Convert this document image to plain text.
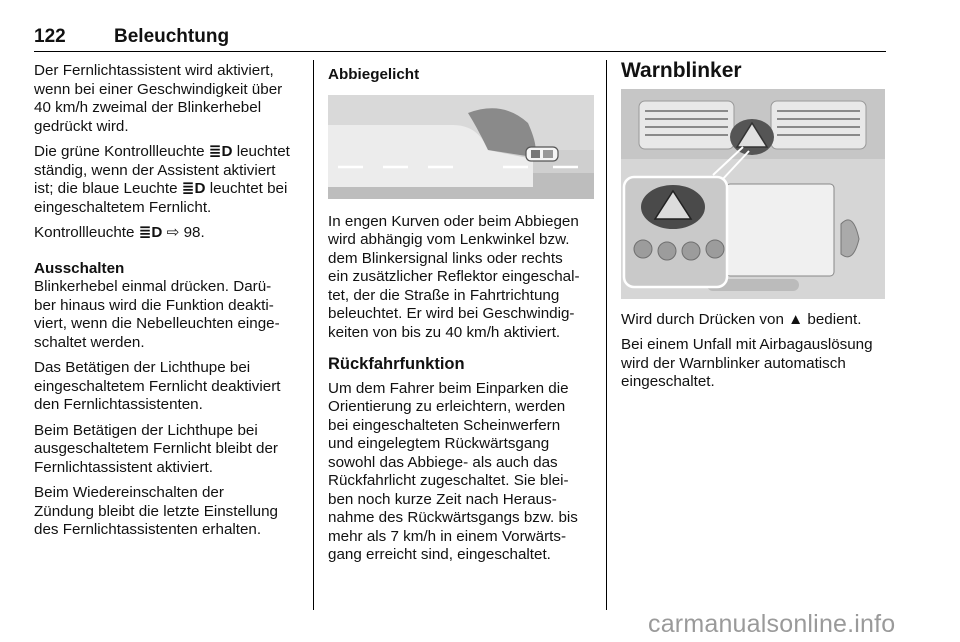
122	Beleuchtung

Der Fernlichtassistent wird aktiviert,
wenn bei einer Geschwindigkeit über
40 km/h zweimal der Blinkerhebel
gedrückt wird.

Die grüne Kontrollleuchte ≣D leuchtet
ständig, wenn der Assistent aktiviert
ist; die blaue Leuchte ≣D leuchtet bei
eingeschaltetem Fernlicht.

Kontrollleuchte ≣D ⇨ 98.

Ausschalten

Blinkerhebel einmal drücken. Darü-
ber hinaus wird die Funktion deakti-
viert, wenn die Nebelleuchten einge-
schaltet werden.

Das Betätigen der Lichthupe bei
eingeschaltetem Fernlicht deaktiviert
den Fernlichtassistenten.

Beim Betätigen der Lichthupe bei
ausgeschaltetem Fernlicht bleibt der
Fernlichtassistent aktiviert.

Beim Wiedereinschalten der
Zündung bleibt die letzte Einstellung
des Fernlichtassistenten erhalten.

Abbiegelicht

In engen Kurven oder beim Abbiegen
wird abhängig vom Lenkwinkel bzw.
dem Blinkersignal links oder rechts
ein zusätzlicher Reflektor eingeschal-
tet, der die Straße in Fahrtrichtung
beleuchtet. Er wird bei Geschwindig-
keiten von bis zu 40 km/h aktiviert.

Rückfahrfunktion

Um dem Fahrer beim Einparken die
Orientierung zu erleichtern, werden
bei eingeschalteten Scheinwerfern
und eingelegtem Rückwärtsgang
sowohl das Abbiege- als auch das
Rückfahrlicht zugeschaltet. Sie blei-
ben noch kurze Zeit nach Heraus-
nahme des Rückwärtsgangs bzw. bis
mehr als 7 km/h in einem Vorwärts-
gang erreicht sind, eingeschaltet.

Warnblinker

Wird durch Drücken von ▲ bedient.

Bei einem Unfall mit Airbagauslösung
wird der Warnblinker automatisch
eingeschaltet.

carmanualsonline.info
